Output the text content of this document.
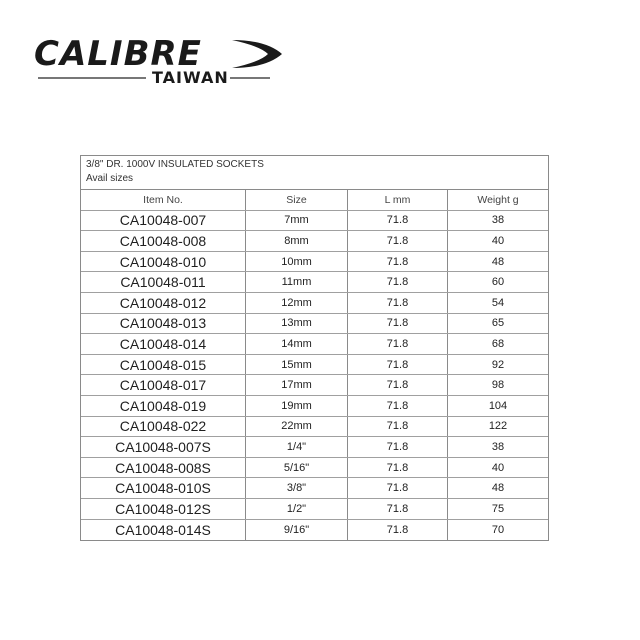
CALIBRE
TAIWAN
3/8" DR. 1000V INSULATED SOCKETS
Avail sizes
Item No.	Size	L mm	Weight g
CA10048-007	7mm	71.8	38
CA10048-008	8mm	71.8	40
CA10048-010	10mm	71.8	48
CA10048-011	11mm	71.8	60
CA10048-012	12mm	71.8	54
CA10048-013	13mm	71.8	65
CA10048-014	14mm	71.8	68
CA10048-015	15mm	71.8	92
CA10048-017	17mm	71.8	98
CA10048-019	19mm	71.8	104
CA10048-022	22mm	71.8	122
CA10048-007S	1/4"	71.8	38
CA10048-008S	5/16"	71.8	40
CA10048-010S	3/8"	71.8	48
CA10048-012S	1/2"	71.8	75
CA10048-014S	9/16"	71.8	70
